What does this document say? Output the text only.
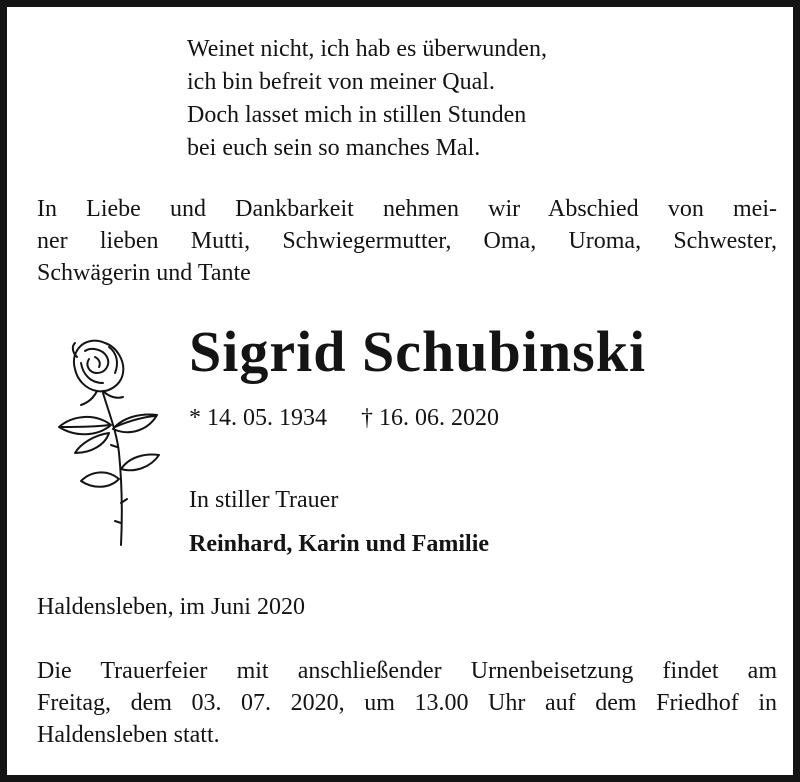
Weinet nicht, ich hab es überwunden,
ich bin befreit von meiner Qual.
Doch lasset mich in stillen Stunden
bei euch sein so manches Mal.
In Liebe und Dankbarkeit nehmen wir Abschied von mei-
ner lieben Mutti, Schwiegermutter, Oma, Uroma, Schwester,
Schwägerin und Tante
Sigrid Schubinski
* 14. 05. 1934 † 16. 06. 2020
In stiller Trauer
Reinhard, Karin und Familie
Haldensleben, im Juni 2020
Die Trauerfeier mit anschließender Urnenbeisetzung findet am
Freitag, dem 03. 07. 2020, um 13.00 Uhr auf dem Friedhof in
Haldensleben statt.
